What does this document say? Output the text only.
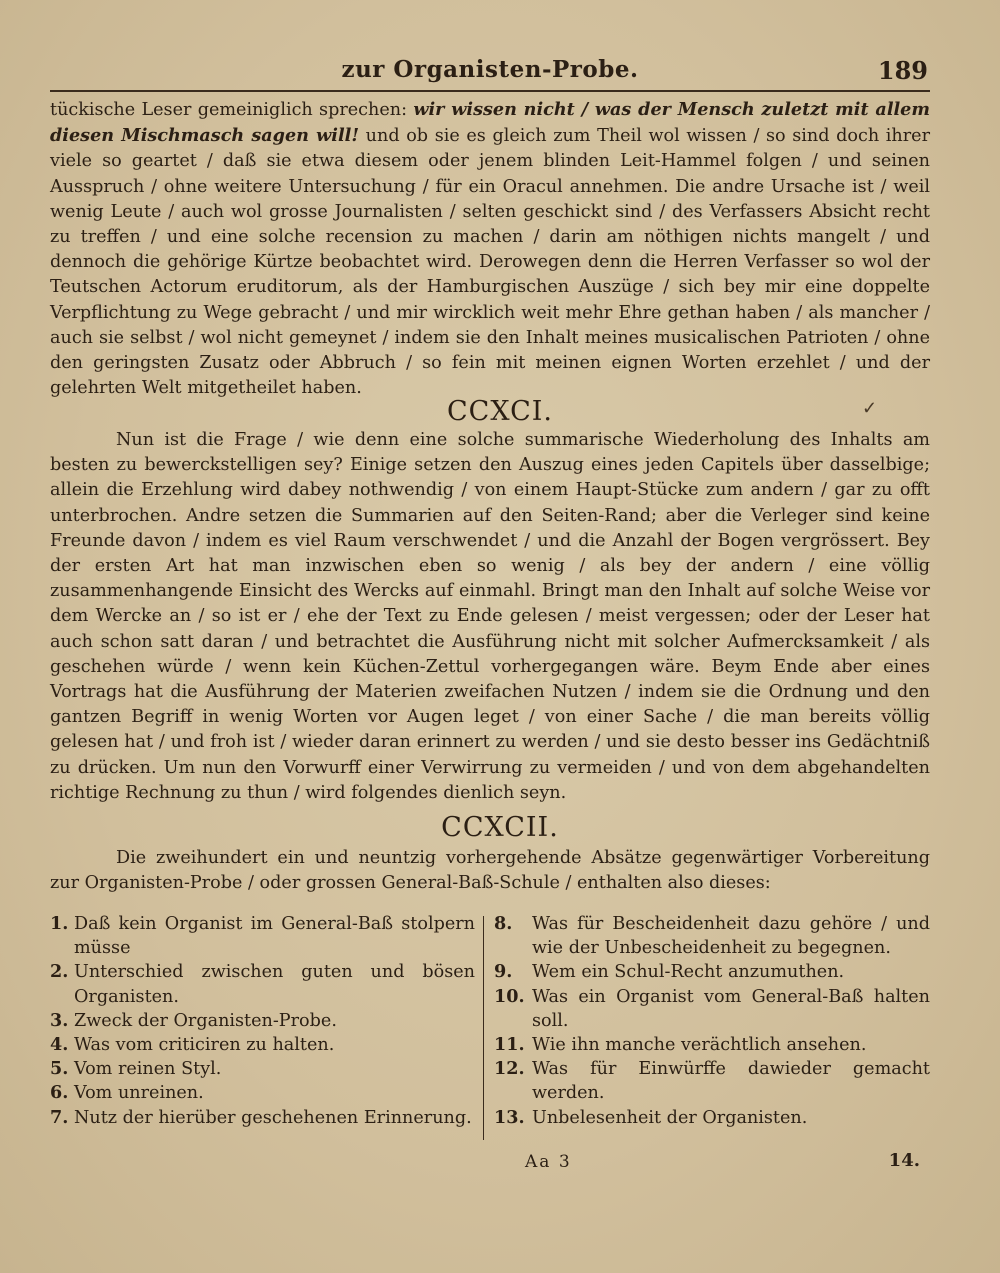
zur Organisten-Probe.	189

tückische Leser gemeiniglich sprechen: wir wissen nicht / was der Mensch zuletzt mit allem diesen Mischmasch sagen will! und ob sie es gleich zum Theil wol wissen / so sind doch ihrer viele so geartet / daß sie etwa diesem oder jenem blinden Leit-Hammel folgen / und seinen Ausspruch / ohne weitere Untersuchung / für ein Oracul annehmen. Die andre Ursache ist / weil wenig Leute / auch wol grosse Journalisten / selten geschickt sind / des Verfassers Absicht recht zu treffen / und eine solche recension zu machen / darin am nöthigen nichts mangelt / und dennoch die gehörige Kürtze beobachtet wird. Derowegen denn die Herren Verfasser so wol der Teutschen Actorum eruditorum, als der Hamburgischen Auszüge / sich bey mir eine doppelte Verpflichtung zu Wege gebracht / und mir wircklich weit mehr Ehre gethan haben / als mancher / auch sie selbst / wol nicht gemeynet / indem sie den Inhalt meines musicalischen Patrioten / ohne den geringsten Zusatz oder Abbruch / so fein mit meinen eignen Worten erzehlet / und der gelehrten Welt mitgetheilet haben.

CCXCI.	✓

Nun ist die Frage / wie denn eine solche summarische Wiederholung des Inhalts am besten zu bewerckstelligen sey? Einige setzen den Auszug eines jeden Capitels über dasselbige; allein die Erzehlung wird dabey nothwendig / von einem Haupt-Stücke zum andern / gar zu offt unterbrochen. Andre setzen die Summarien auf den Seiten-Rand; aber die Verleger sind keine Freunde davon / indem es viel Raum verschwendet / und die Anzahl der Bogen vergrössert. Bey der ersten Art hat man inzwischen eben so wenig / als bey der andern / eine völlig zusammenhangende Einsicht des Wercks auf einmahl. Bringt man den Inhalt auf solche Weise vor dem Wercke an / so ist er / ehe der Text zu Ende gelesen / meist vergessen; oder der Leser hat auch schon satt daran / und betrachtet die Ausführung nicht mit solcher Aufmercksamkeit / als geschehen würde / wenn kein Küchen-Zettul vorhergegangen wäre. Beym Ende aber eines Vortrags hat die Ausführung der Materien zweifachen Nutzen / indem sie die Ordnung und den gantzen Begriff in wenig Worten vor Augen leget / von einer Sache / die man bereits völlig gelesen hat / und froh ist / wieder daran erinnert zu werden / und sie desto besser ins Gedächtniß zu drücken. Um nun den Vorwurff einer Verwirrung zu vermeiden / und von dem abgehandelten richtige Rechnung zu thun / wird folgendes dienlich seyn.

CCXCII.

Die zweihundert ein und neuntzig vorhergehende Absätze gegenwärtiger Vorbereitung zur Organisten-Probe / oder grossen General-Baß-Schule / enthalten also dieses:

1. Daß kein Organist im General-Baß stolpern müsse
2. Unterschied zwischen guten und bösen Organisten.
3. Zweck der Organisten-Probe.
4. Was vom criticiren zu halten.
5. Vom reinen Styl.
6. Vom unreinen.
7. Nutz der hierüber geschehenen Erinnerung.
8.	Was für Bescheidenheit dazu gehöre / und wie der Unbescheidenheit zu begegnen.
9.	Wem ein Schul-Recht anzumuthen.
10. Was ein Organist vom General-Baß halten soll.
11. Wie ihn manche verächtlich ansehen.
12. Was für Einwürffe dawieder gemacht werden.
13. Unbelesenheit der Organisten.
Aa 3	14.
